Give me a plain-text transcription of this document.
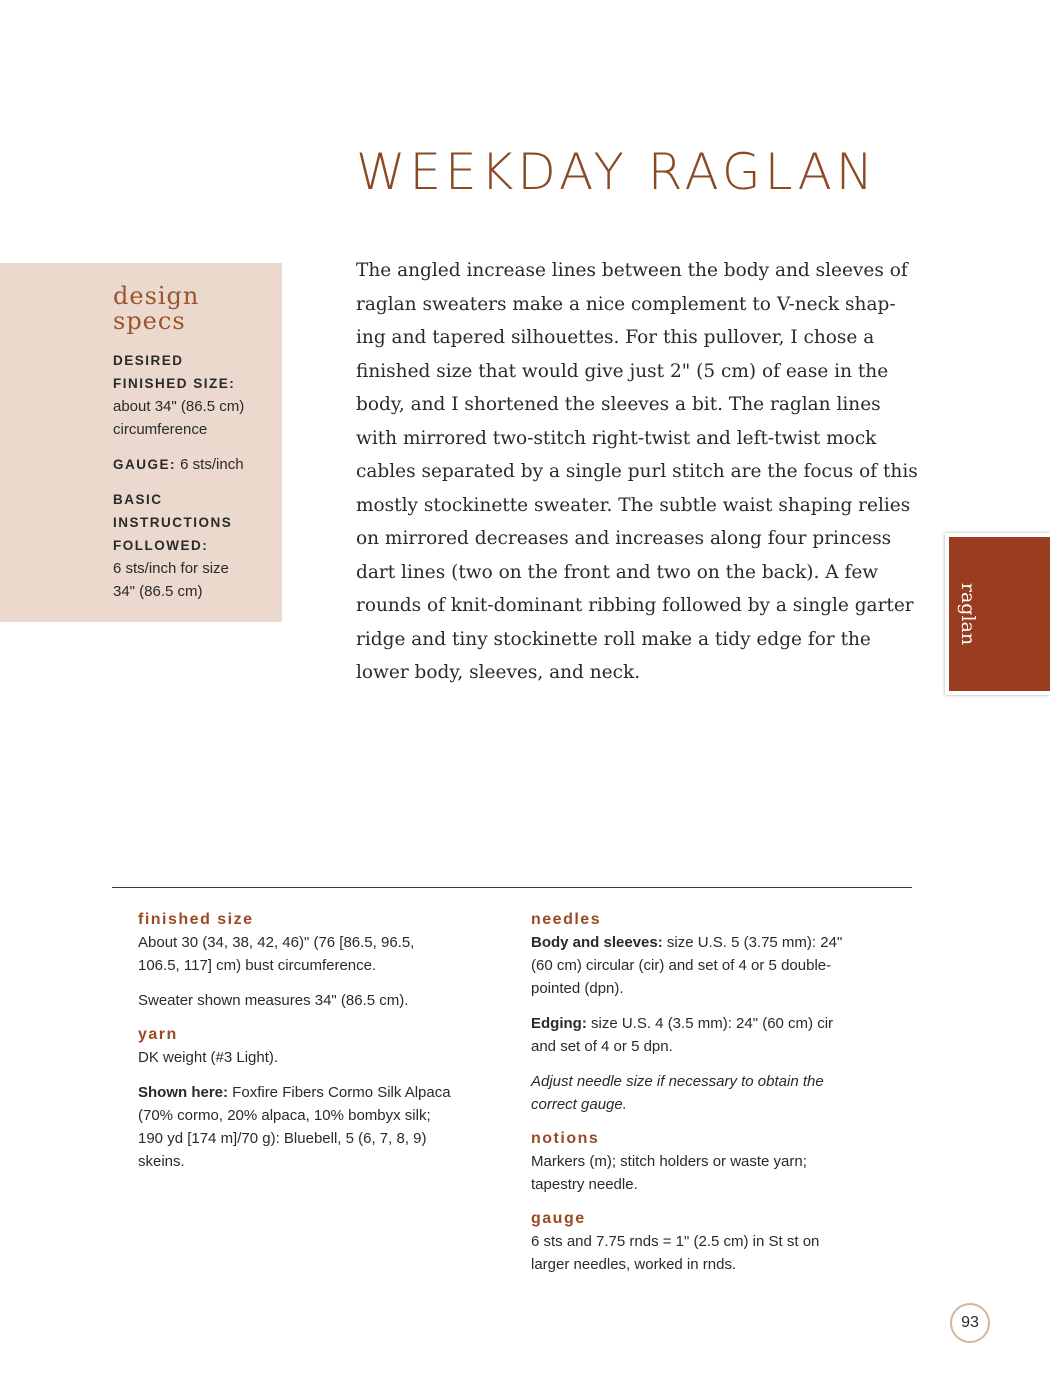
WEEKDAY RAGLAN
design
specs
DESIRED
FINISHED SIZE:
about 34" (86.5 cm)
circumference
GAUGE: 6 sts/inch
BASIC
INSTRUCTIONS
FOLLOWED:
6 sts/inch for size
34" (86.5 cm)

The angled increase lines between the body and sleeves of
raglan sweaters make a nice complement to V-neck shap-
ing and tapered silhouettes. For this pullover, I chose a
finished size that would give just 2" (5 cm) of ease in the
body, and I shortened the sleeves a bit. The raglan lines
with mirrored two-stitch right-twist and left-twist mock
cables separated by a single purl stitch are the focus of this
mostly stockinette sweater. The subtle waist shaping relies
on mirrored decreases and increases along four princess
dart lines (two on the front and two on the back). A few
rounds of knit-dominant ribbing followed by a single garter
ridge and tiny stockinette roll make a tidy edge for the
lower body, sleeves, and neck.

raglan
finished size

About 30 (34, 38, 42, 46)" (76 [86.5, 96.5,
106.5, 117] cm) bust circumference.

Sweater shown measures 34" (86.5 cm).

yarn

DK weight (#3 Light).

Shown here: Foxfire Fibers Cormo Silk Alpaca
(70% cormo, 20% alpaca, 10% bombyx silk;
190 yd [174 m]/70 g): Bluebell, 5 (6, 7, 8, 9)
skeins.

needles

Body and sleeves: size U.S. 5 (3.75 mm): 24"
(60 cm) circular (cir) and set of 4 or 5 double-
pointed (dpn).

Edging: size U.S. 4 (3.5 mm): 24" (60 cm) cir
and set of 4 or 5 dpn.

Adjust needle size if necessary to obtain the
correct gauge.

notions

Markers (m); stitch holders or waste yarn;
tapestry needle.

gauge

6 sts and 7.75 rnds = 1" (2.5 cm) in St st on
larger needles, worked in rnds.

93
